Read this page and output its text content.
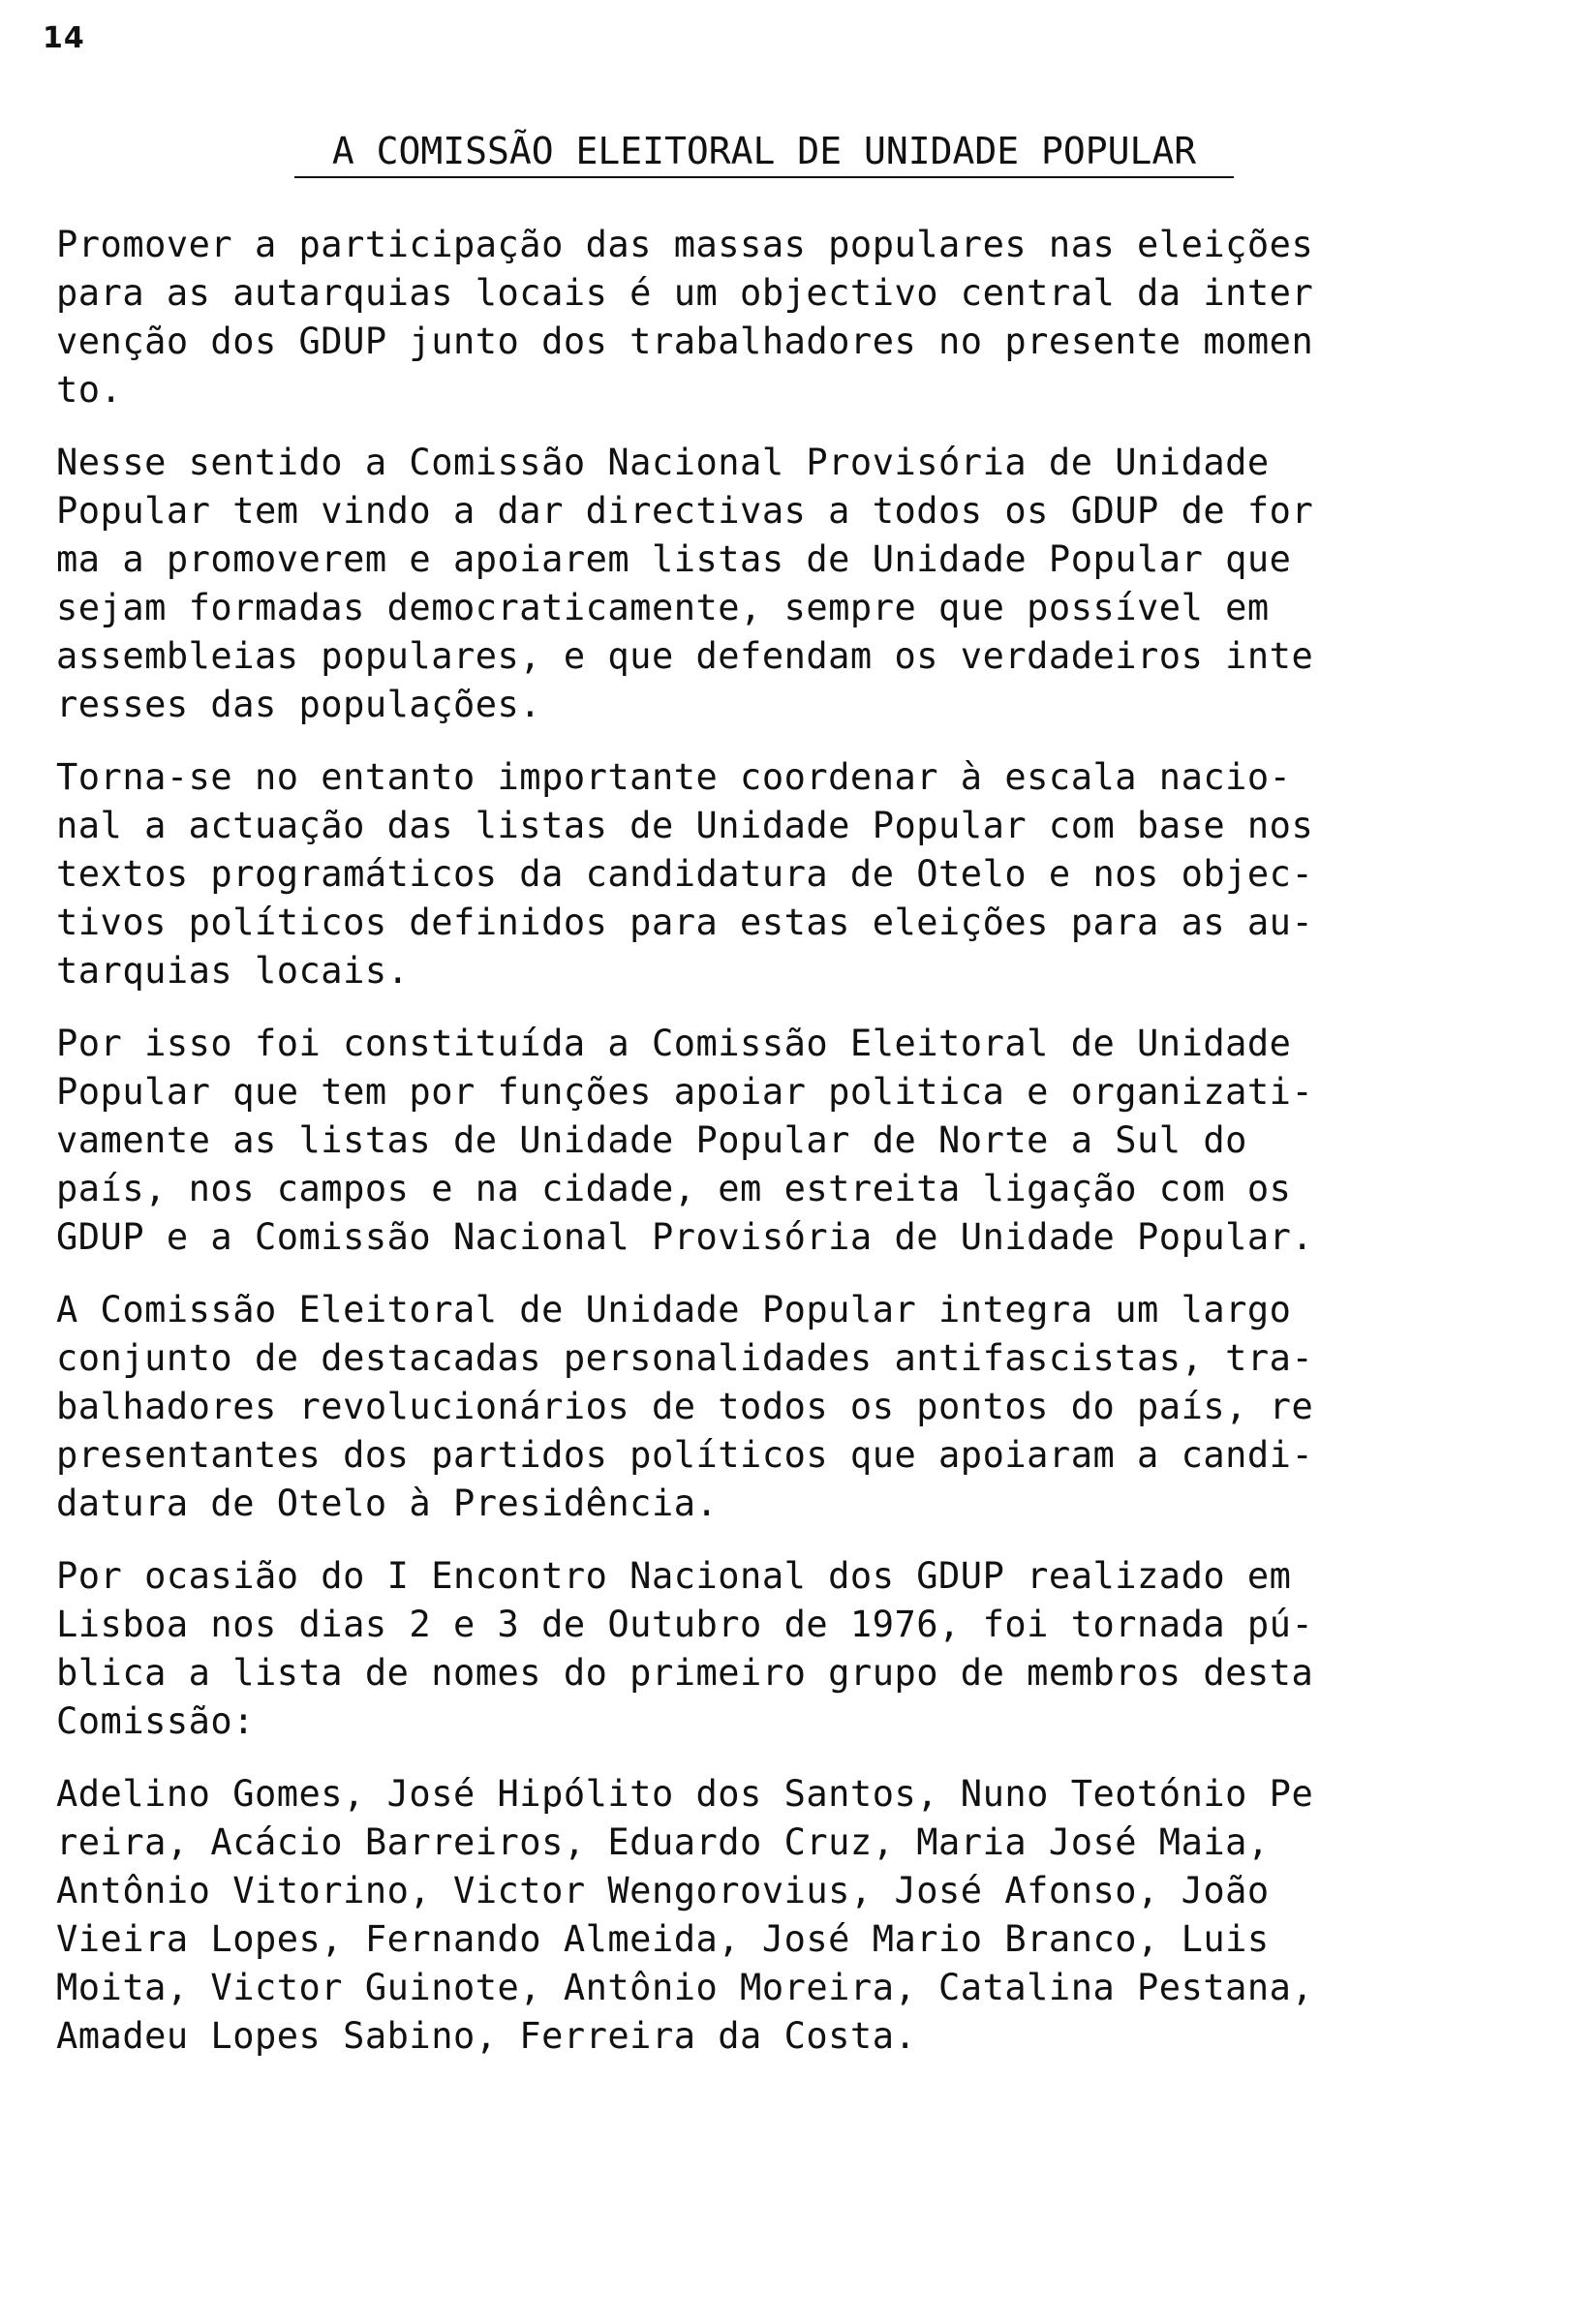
14
A COMISSÃO ELEITORAL DE UNIDADE POPULAR

Promover a participação das massas populares nas eleições
para as autarquias locais é um objectivo central da inter
venção dos GDUP junto dos trabalhadores no presente momen
to.

Nesse sentido a Comissão Nacional Provisória de Unidade
Popular tem vindo a dar directivas a todos os GDUP de for
ma a promoverem e apoiarem listas de Unidade Popular que
sejam formadas democraticamente, sempre que possível em
assembleias populares, e que defendam os verdadeiros inte
resses das populações.

Torna-se no entanto importante coordenar à escala nacio-
nal a actuação das listas de Unidade Popular com base nos
textos programáticos da candidatura de Otelo e nos objec-
tivos políticos definidos para estas eleições para as au-
tarquias locais.

Por isso foi constituída a Comissão Eleitoral de Unidade
Popular que tem por funções apoiar politica e organizati-
vamente as listas de Unidade Popular de Norte a Sul do
país, nos campos e na cidade, em estreita ligação com os
GDUP e a Comissão Nacional Provisória de Unidade Popular.

A Comissão Eleitoral de Unidade Popular integra um largo
conjunto de destacadas personalidades antifascistas, tra-
balhadores revolucionários de todos os pontos do país, re
presentantes dos partidos políticos que apoiaram a candi-
datura de Otelo à Presidência.

Por ocasião do I Encontro Nacional dos GDUP realizado em
Lisboa nos dias 2 e 3 de Outubro de 1976, foi tornada pú-
blica a lista de nomes do primeiro grupo de membros desta
Comissão:

Adelino Gomes, José Hipólito dos Santos, Nuno Teotónio Pe
reira, Acácio Barreiros, Eduardo Cruz, Maria José Maia,
Antônio Vitorino, Victor Wengorovius, José Afonso, João
Vieira Lopes, Fernando Almeida, José Mario Branco, Luis
Moita, Victor Guinote, Antônio Moreira, Catalina Pestana,
Amadeu Lopes Sabino, Ferreira da Costa.
